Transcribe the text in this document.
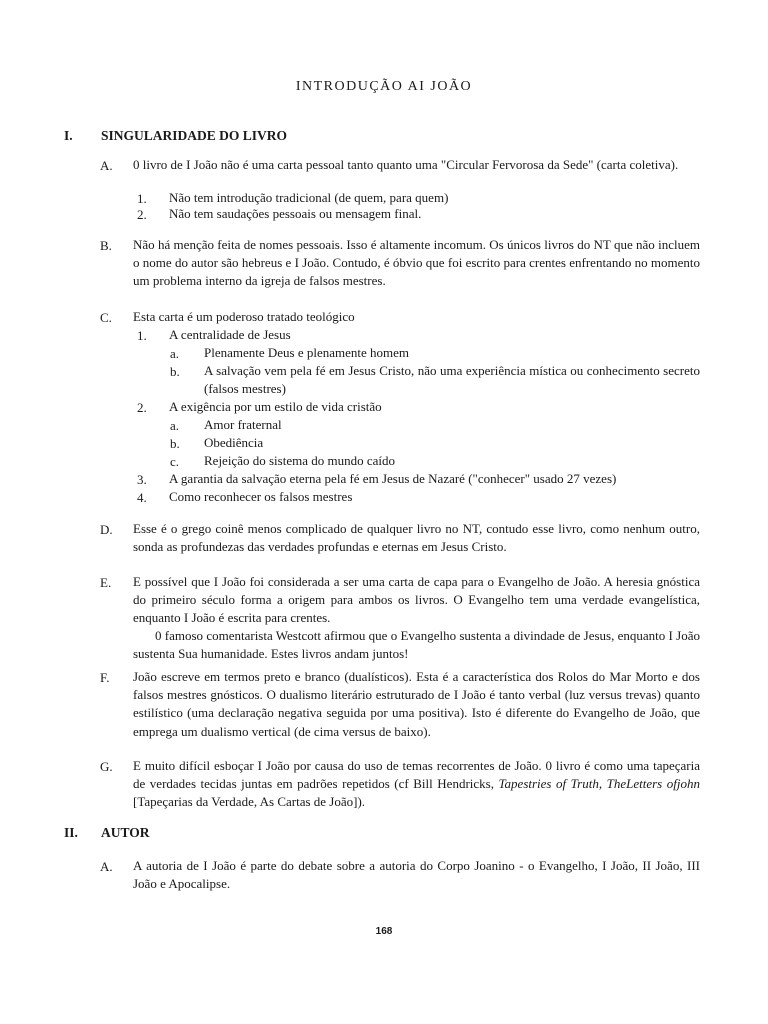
INTRODUÇÃO AI JOÃO
I. SINGULARIDADE DO LIVRO
A. 0 livro de I João não é uma carta pessoal tanto quanto uma "Circular Fervorosa da Sede" (carta coletiva).
1. Não tem introdução tradicional (de quem, para quem)
2. Não tem saudações pessoais ou mensagem final.
B. Não há menção feita de nomes pessoais. Isso é altamente incomum. Os únicos livros do NT que não incluem o nome do autor são hebreus e I João. Contudo, é óbvio que foi escrito para crentes enfrentando no momento um problema interno da igreja de falsos mestres.
C. Esta carta é um poderoso tratado teológico
1. A centralidade de Jesus
a. Plenamente Deus e plenamente homem
b. A salvação vem pela fé em Jesus Cristo, não uma experiência mística ou conhecimento secreto (falsos mestres)
2. A exigência por um estilo de vida cristão
a. Amor fraternal
b. Obediência
c. Rejeição do sistema do mundo caído
3. A garantia da salvação eterna pela fé em Jesus de Nazaré ("conhecer" usado 27 vezes)
4. Como reconhecer os falsos mestres
D. Esse é o grego coinê menos complicado de qualquer livro no NT, contudo esse livro, como nenhum outro, sonda as profundezas das verdades profundas e eternas em Jesus Cristo.
E. E possível que I João foi considerada a ser uma carta de capa para o Evangelho de João. A heresia gnóstica do primeiro século forma a origem para ambos os livros. O Evangelho tem uma verdade evangelística, enquanto I João é escrita para crentes.
0 famoso comentarista Westcott afirmou que o Evangelho sustenta a divindade de Jesus, enquanto I João sustenta Sua humanidade. Estes livros andam juntos!
F. João escreve em termos preto e branco (dualísticos). Esta é a característica dos Rolos do Mar Morto e dos falsos mestres gnósticos. O dualismo literário estruturado de I João é tanto verbal (luz versus trevas) quanto estilístico (uma declaração negativa seguida por uma positiva). Isto é diferente do Evangelho de João, que emprega um dualismo vertical (de cima versus de baixo).
G. E muito difícil esboçar I João por causa do uso de temas recorrentes de João. 0 livro é como uma tapeçaria de verdades tecidas juntas em padrões repetidos (cf Bill Hendricks, Tapestries of Truth, TheLetters ofjohn [Tapeçarias da Verdade, As Cartas de João]).
II. AUTOR
A. A autoria de I João é parte do debate sobre a autoria do Corpo Joanino - o Evangelho, I João, II João, III João e Apocalipse.
168
